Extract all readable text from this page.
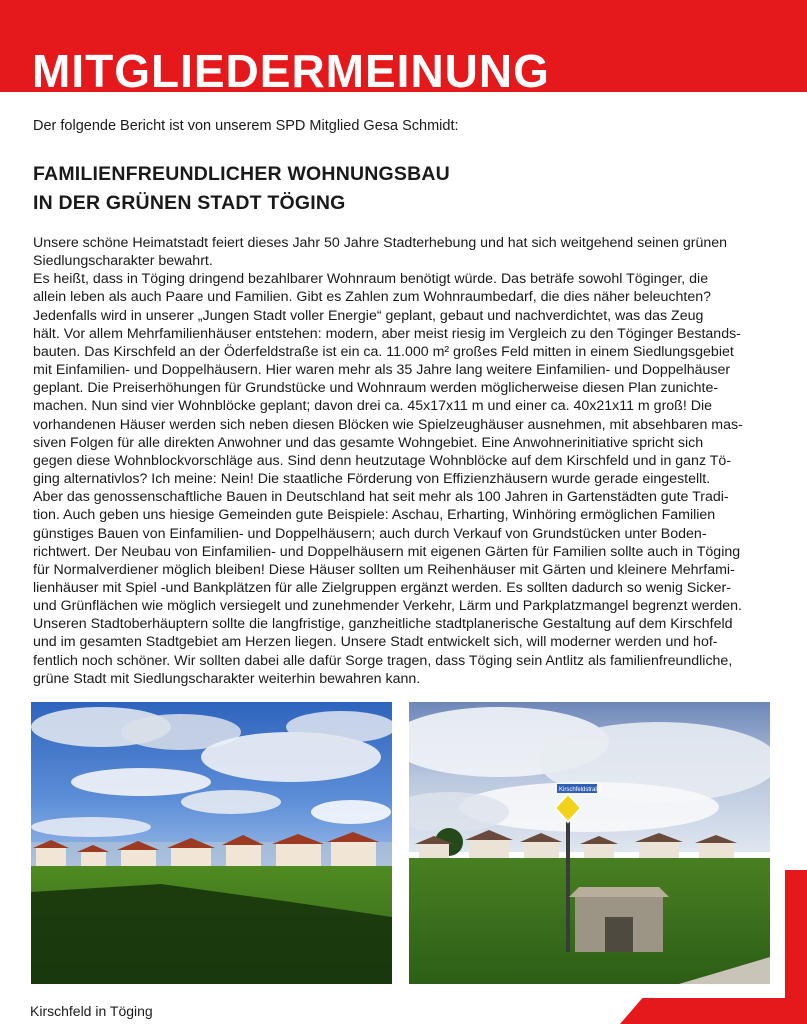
MITGLIEDERMEINUNG

Der folgende Bericht ist von unserem SPD Mitglied Gesa Schmidt:

FAMILIENFREUNDLICHER WOHNUNGSBAU
IN DER GRÜNEN STADT TÖGING
Unsere schöne Heimatstadt feiert dieses Jahr 50 Jahre Stadterhebung und hat sich weitgehend seinen grünen
Siedlungscharakter bewahrt.
Es heißt, dass in Töging dringend bezahlbarer Wohnraum benötigt würde. Das beträfe sowohl Töginger, die
allein leben als auch Paare und Familien. Gibt es Zahlen zum Wohnraumbedarf, die dies näher beleuchten?
Jedenfalls wird in unserer „Jungen Stadt voller Energie“ geplant, gebaut und nachverdichtet, was das Zeug
hält. Vor allem Mehrfamilienhäuser entstehen: modern, aber meist riesig im Vergleich zu den Töginger Bestands-
bauten. Das Kirschfeld an der Öderfeldstraße ist ein ca. 11.000 m² großes Feld mitten in einem Siedlungsgebiet
mit Einfamilien- und Doppelhäusern. Hier waren mehr als 35 Jahre lang weitere Einfamilien- und Doppelhäuser
geplant. Die Preiserhöhungen für Grundstücke und Wohnraum werden möglicherweise diesen Plan zunichte-
machen. Nun sind vier Wohnblöcke geplant; davon drei ca. 45x17x11 m und einer ca. 40x21x11 m groß! Die
vorhandenen Häuser werden sich neben diesen Blöcken wie Spielzeughäuser ausnehmen, mit absehbaren mas-
siven Folgen für alle direkten Anwohner und das gesamte Wohngebiet. Eine Anwohnerinitiative spricht sich
gegen diese Wohnblockvorschläge aus. Sind denn heutzutage Wohnblöcke auf dem Kirschfeld und in ganz Tö-
ging alternativlos? Ich meine: Nein! Die staatliche Förderung von Effizienzhäusern wurde gerade eingestellt.
Aber das genossenschaftliche Bauen in Deutschland hat seit mehr als 100 Jahren in Gartenstädten gute Tradi-
tion. Auch geben uns hiesige Gemeinden gute Beispiele: Aschau, Erharting, Winhöring ermöglichen Familien
günstiges Bauen von Einfamilien- und Doppelhäusern; auch durch Verkauf von Grundstücken unter Boden-
richtwert. Der Neubau von Einfamilien- und Doppelhäusern mit eigenen Gärten für Familien sollte auch in Töging
für Normalverdiener möglich bleiben! Diese Häuser sollten um Reihenhäuser mit Gärten und kleinere Mehrfami-
lienhäuser mit Spiel -und Bankplätzen für alle Zielgruppen ergänzt werden. Es sollten dadurch so wenig Sicker-
und Grünflächen wie möglich versiegelt und zunehmender Verkehr, Lärm und Parkplatzmangel begrenzt werden.
Unseren Stadtoberhäuptern sollte die langfristige, ganzheitliche stadtplanerische Gestaltung auf dem Kirschfeld
und im gesamten Stadtgebiet am Herzen liegen. Unsere Stadt entwickelt sich, will moderner werden und hof-
fentlich noch schöner. Wir sollten dabei alle dafür Sorge tragen, dass Töging sein Antlitz als familienfreundliche,
grüne Stadt mit Siedlungscharakter weiterhin bewahren kann.
Kirschfeldstraße

Kirschfeld in Töging
